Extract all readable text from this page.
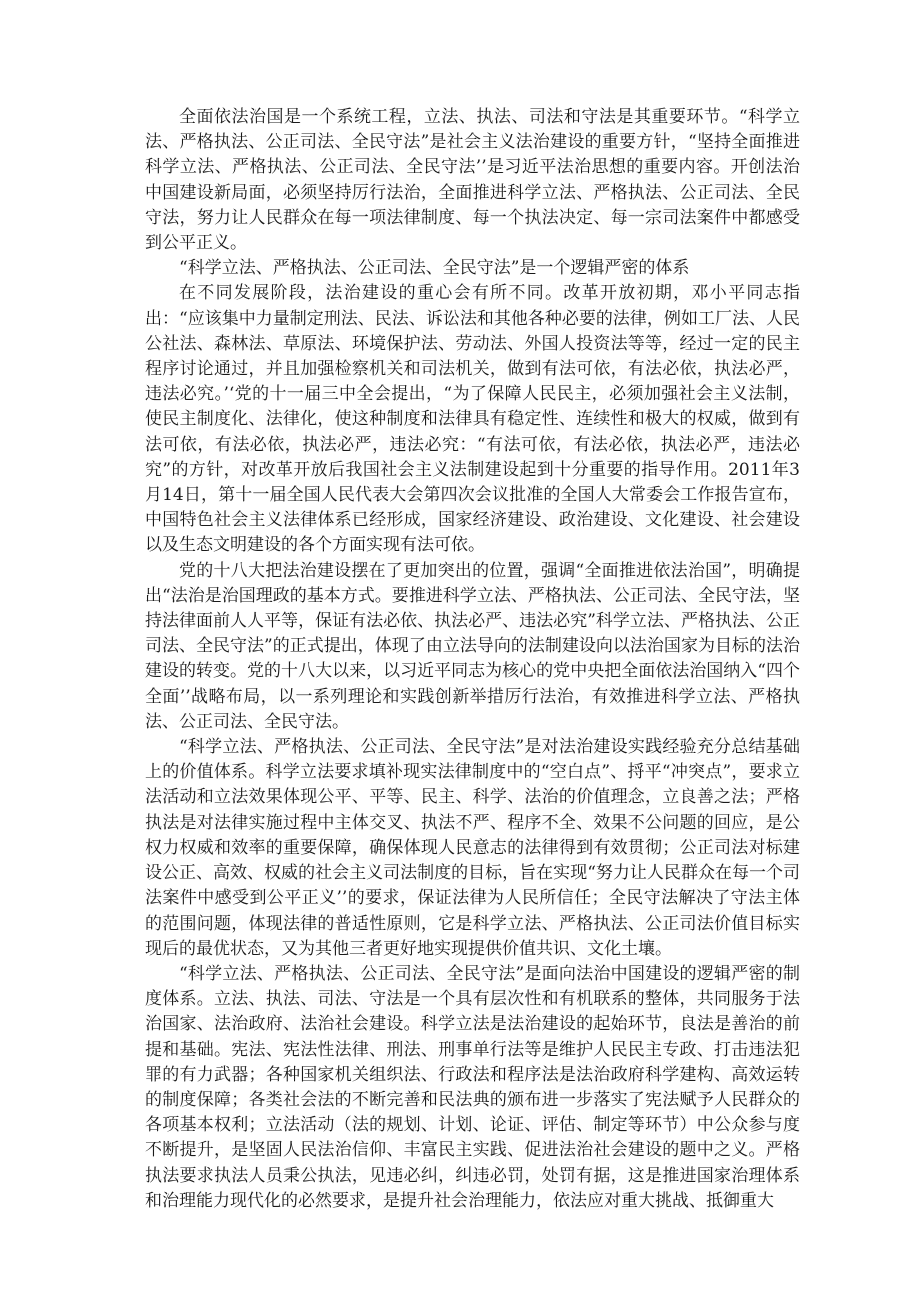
全面依法治国是一个系统工程，立法、执法、司法和守法是其重要环节。“科学立法、严格执法、公正司法、全民守法”是社会主义法治建设的重要方针，“坚持全面推进科学立法、严格执法、公正司法、全民守法’’是习近平法治思想的重要内容。开创法治中国建设新局面，必须坚持厉行法治，全面推进科学立法、严格执法、公正司法、全民守法，努力让人民群众在每一项法律制度、每一个执法决定、每一宗司法案件中都感受到公平正义。

“科学立法、严格执法、公正司法、全民守法”是一个逻辑严密的体系

在不同发展阶段，法治建设的重心会有所不同。改革开放初期，邓小平同志指出：“应该集中力量制定刑法、民法、诉讼法和其他各种必要的法律，例如工厂法、人民公社法、森林法、草原法、环境保护法、劳动法、外国人投资法等等，经过一定的民主程序讨论通过，并且加强检察机关和司法机关，做到有法可依，有法必依，执法必严，违法必究。’‘党的十一届三中全会提出，“为了保障人民民主，必须加强社会主义法制，使民主制度化、法律化，使这种制度和法律具有稳定性、连续性和极大的权威，做到有法可依，有法必依，执法必严，违法必究：“有法可依，有法必依，执法必严，违法必究”的方针，对改革开放后我国社会主义法制建设起到十分重要的指导作用。2011年3月14日，第十一届全国人民代表大会第四次会议批准的全国人大常委会工作报告宣布，中国特色社会主义法律体系已经形成，国家经济建设、政治建设、文化建设、社会建设以及生态文明建设的各个方面实现有法可依。

党的十八大把法治建设摆在了更加突出的位置，强调“全面推进依法治国”，明确提出“法治是治国理政的基本方式。要推进科学立法、严格执法、公正司法、全民守法，坚持法律面前人人平等，保证有法必依、执法必严、违法必究”科学立法、严格执法、公正司法、全民守法”的正式提出，体现了由立法导向的法制建设向以法治国家为目标的法治建设的转变。党的十八大以来，以习近平同志为核心的党中央把全面依法治国纳入“四个全面’’战略布局，以一系列理论和实践创新举措厉行法治，有效推进科学立法、严格执法、公正司法、全民守法。

“科学立法、严格执法、公正司法、全民守法”是对法治建设实践经验充分总结基础上的价值体系。科学立法要求填补现实法律制度中的“空白点”、捋平“冲突点”，要求立法活动和立法效果体现公平、平等、民主、科学、法治的价值理念，立良善之法；严格执法是对法律实施过程中主体交叉、执法不严、程序不全、效果不公问题的回应，是公权力权威和效率的重要保障，确保体现人民意志的法律得到有效贯彻；公正司法对标建设公正、高效、权威的社会主义司法制度的目标，旨在实现“努力让人民群众在每一个司法案件中感受到公平正义’’的要求，保证法律为人民所信任；全民守法解决了守法主体的范围问题，体现法律的普适性原则，它是科学立法、严格执法、公正司法价值目标实现后的最优状态，又为其他三者更好地实现提供价值共识、文化土壤。

“科学立法、严格执法、公正司法、全民守法”是面向法治中国建设的逻辑严密的制度体系。立法、执法、司法、守法是一个具有层次性和有机联系的整体，共同服务于法治国家、法治政府、法治社会建设。科学立法是法治建设的起始环节，良法是善治的前提和基础。宪法、宪法性法律、刑法、刑事单行法等是维护人民民主专政、打击违法犯罪的有力武器；各种国家机关组织法、行政法和程序法是法治政府科学建构、高效运转的制度保障；各类社会法的不断完善和民法典的颁布进一步落实了宪法赋予人民群众的各项基本权利；立法活动（法的规划、计划、论证、评估、制定等环节）中公众参与度不断提升，是坚固人民法治信仰、丰富民主实践、促进法治社会建设的题中之义。严格执法要求执法人员秉公执法，见违必纠，纠违必罚，处罚有据，这是推进国家治理体系和治理能力现代化的必然要求，是提升社会治理能力，依法应对重大挑战、抵御重大
